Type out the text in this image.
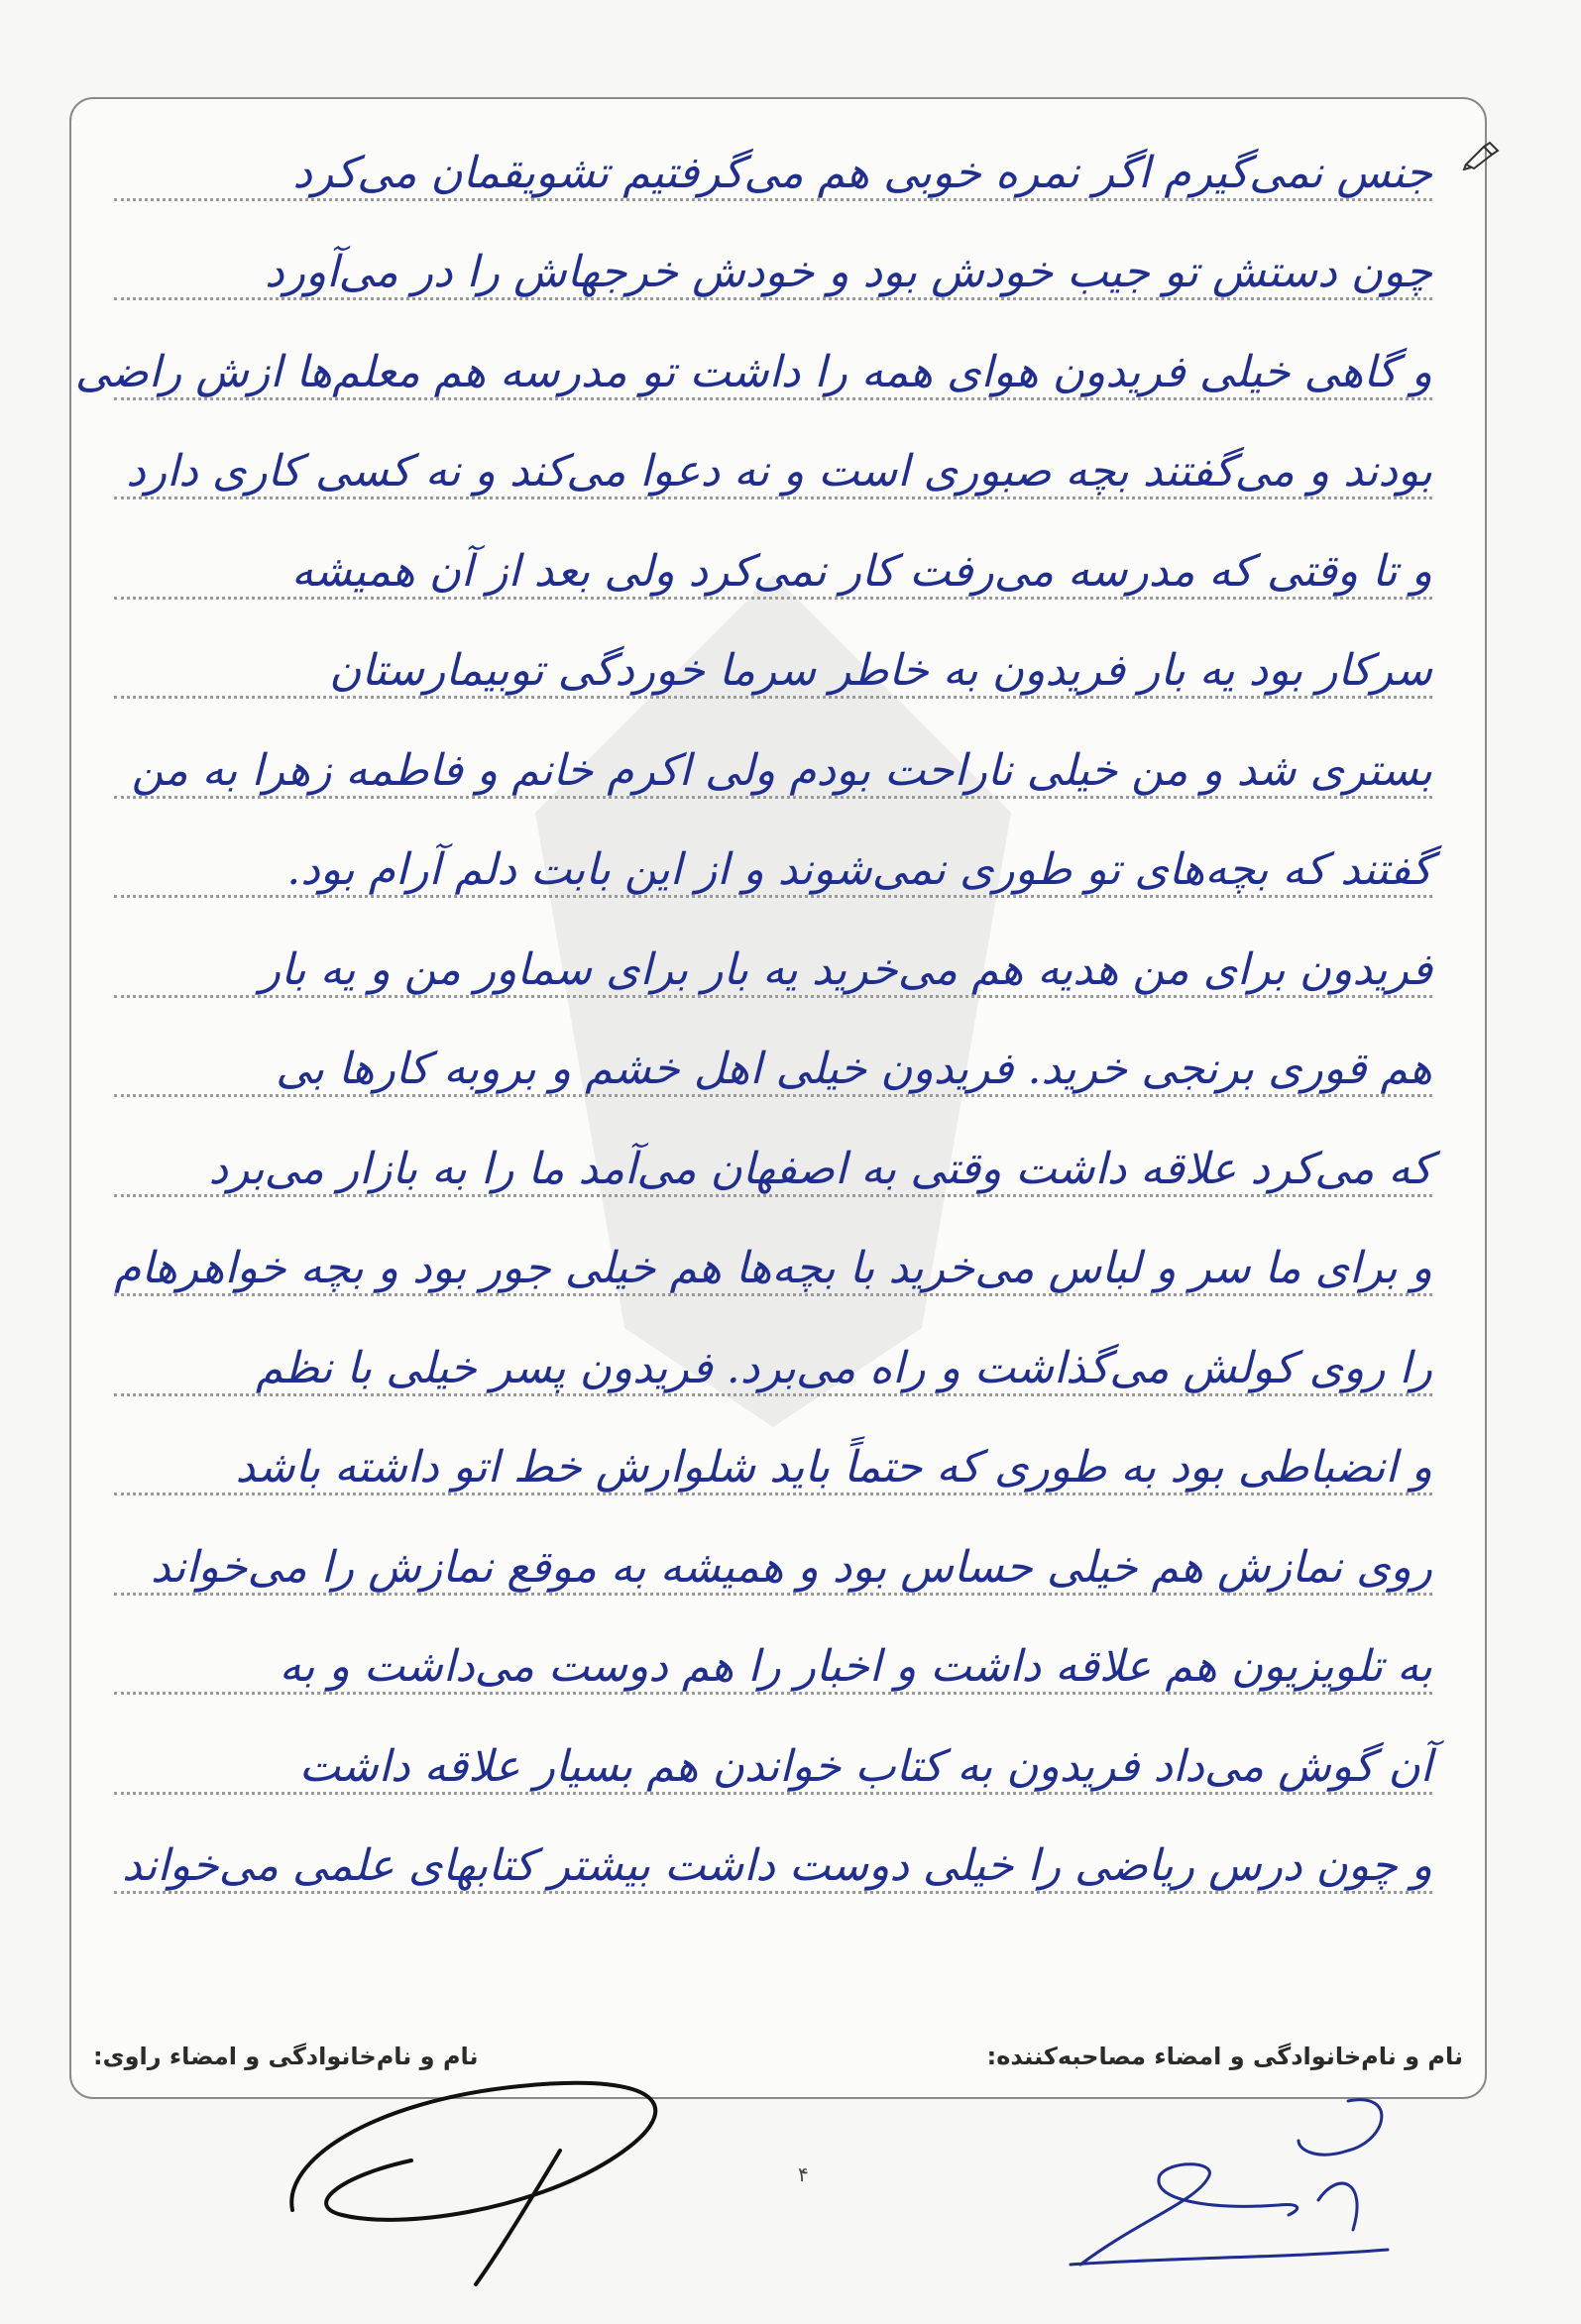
جنس نمی‌گیرم اگر نمره خوبی هم می‌گرفتیم تشویقمان می‌کرد
چون دستش تو جیب خودش بود و خودش خرجهاش را در می‌آورد
و گاهی خیلی فریدون هوای همه را داشت تو مدرسه هم معلم‌ها ازش راضی
بودند و می‌گفتند بچه صبوری است و نه دعوا می‌کند و نه کسی کاری دارد
و تا وقتی که مدرسه می‌رفت کار نمی‌کرد ولی بعد از آن همیشه
سرکار بود یه بار فریدون به خاطر سرما خوردگی توبیمارستان
بستری شد و من خیلی ناراحت بودم ولی اکرم خانم و فاطمه زهرا به من
گفتند که بچه‌های تو طوری نمی‌شوند و از این بابت دلم آرام بود.
فریدون برای من هدیه هم می‌خرید یه بار برای سماور من و یه بار
هم قوری برنجی خرید. فریدون خیلی اهل خشم و بروبه کارها بی
که می‌کرد علاقه داشت وقتی به اصفهان می‌آمد ما را به بازار می‌برد
و برای ما سر و لباس می‌خرید با بچه‌ها هم خیلی جور بود و بچه خواهرهام
را روی کولش می‌گذاشت و راه می‌برد. فریدون پسر خیلی با نظم
و انضباطی بود به طوری که حتماً باید شلوارش خط اتو داشته باشد
روی نمازش هم خیلی حساس بود و همیشه به موقع نمازش را می‌خواند
به تلویزیون هم علاقه داشت و اخبار را هم دوست می‌داشت و به
آن گوش می‌داد فریدون به کتاب خواندن هم بسیار علاقه داشت
و چون درس ریاضی را خیلی دوست داشت بیشتر کتابهای علمی می‌خواند
نام و نام‌خانوادگی و امضاء مصاحبه‌کننده:
نام و نام‌خانوادگی و امضاء راوی:
۴
